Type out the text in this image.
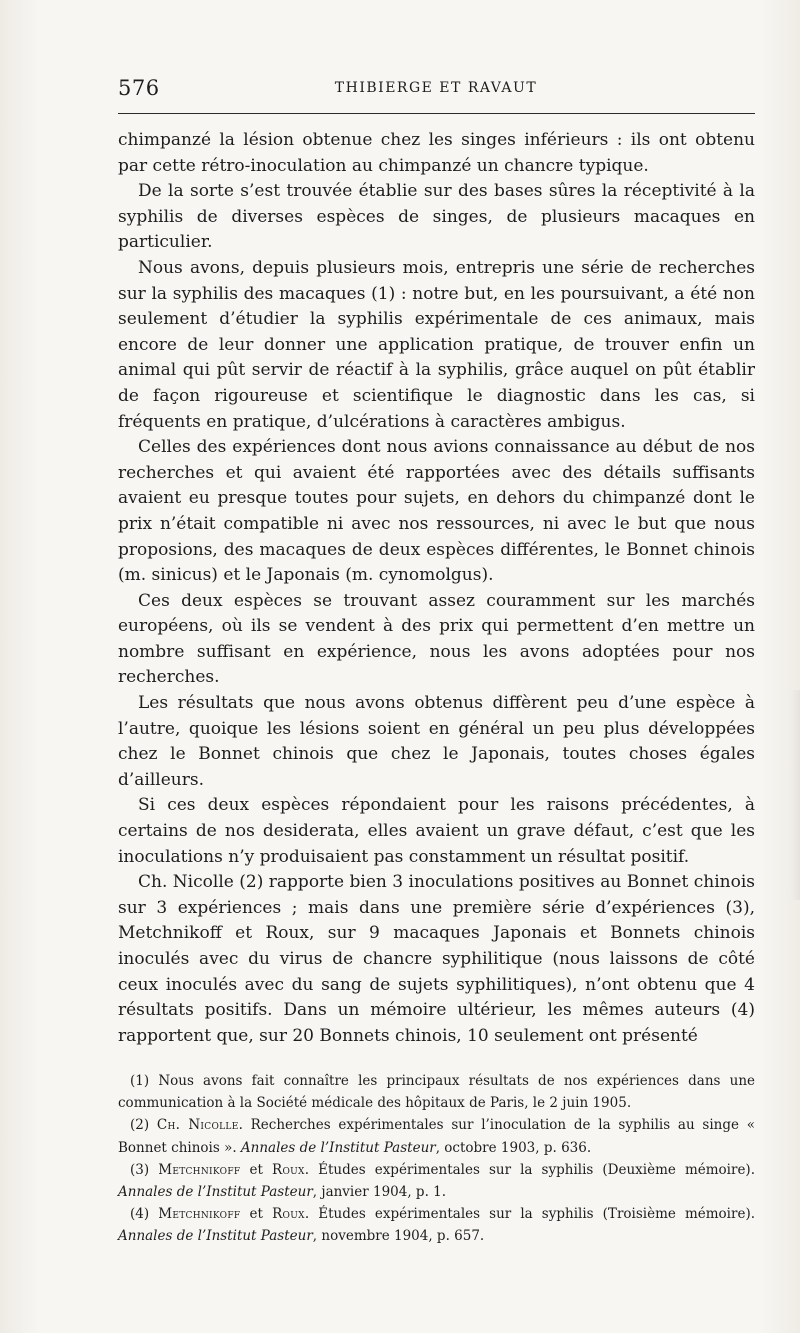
576	THIBIERGE ET RAVAUT

chimpanzé la lésion obtenue chez les singes inférieurs : ils ont obtenu par cette rétro-inoculation au chimpanzé un chancre typique.

De la sorte s’est trouvée établie sur des bases sûres la réceptivité à la syphilis de diverses espèces de singes, de plusieurs macaques en particulier.

Nous avons, depuis plusieurs mois, entrepris une série de recherches sur la syphilis des macaques (1) : notre but, en les poursuivant, a été non seulement d’étudier la syphilis expérimentale de ces animaux, mais encore de leur donner une application pratique, de trouver enfin un animal qui pût servir de réactif à la syphilis, grâce auquel on pût établir de façon rigoureuse et scientifique le diagnostic dans les cas, si fréquents en pratique, d’ulcérations à caractères ambigus.

Celles des expériences dont nous avions connaissance au début de nos recherches et qui avaient été rapportées avec des détails suffisants avaient eu presque toutes pour sujets, en dehors du chimpanzé dont le prix n’était compatible ni avec nos ressources, ni avec le but que nous proposions, des macaques de deux espèces différentes, le Bonnet chinois (m. sinicus) et le Japonais (m. cynomolgus).

Ces deux espèces se trouvant assez couramment sur les marchés européens, où ils se vendent à des prix qui permettent d’en mettre un nombre suffisant en expérience, nous les avons adoptées pour nos recherches.

Les résultats que nous avons obtenus diffèrent peu d’une espèce à l’autre, quoique les lésions soient en général un peu plus développées chez le Bonnet chinois que chez le Japonais, toutes choses égales d’ailleurs.

Si ces deux espèces répondaient pour les raisons précédentes, à certains de nos desiderata, elles avaient un grave défaut, c’est que les inoculations n’y produisaient pas constamment un résultat positif.

Ch. Nicolle (2) rapporte bien 3 inoculations positives au Bonnet chinois sur 3 expériences ; mais dans une première série d’expériences (3), Metchnikoff et Roux, sur 9 macaques Japonais et Bonnets chinois inoculés avec du virus de chancre syphilitique (nous laissons de côté ceux inoculés avec du sang de sujets syphilitiques), n’ont obtenu que 4 résultats positifs. Dans un mémoire ultérieur, les mêmes auteurs (4) rapportent que, sur 20 Bonnets chinois, 10 seulement ont présenté

(1) Nous avons fait connaître les principaux résultats de nos expériences dans une communication à la Société médicale des hôpitaux de Paris, le 2 juin 1905.

(2) Ch. Nicolle. Recherches expérimentales sur l’inoculation de la syphilis au singe « Bonnet chinois ». Annales de l’Institut Pasteur, octobre 1903, p. 636.

(3) Metchnikoff et Roux. Études expérimentales sur la syphilis (Deuxième mémoire). Annales de l’Institut Pasteur, janvier 1904, p. 1.

(4) Metchnikoff et Roux. Études expérimentales sur la syphilis (Troisième mémoire). Annales de l’Institut Pasteur, novembre 1904, p. 657.
